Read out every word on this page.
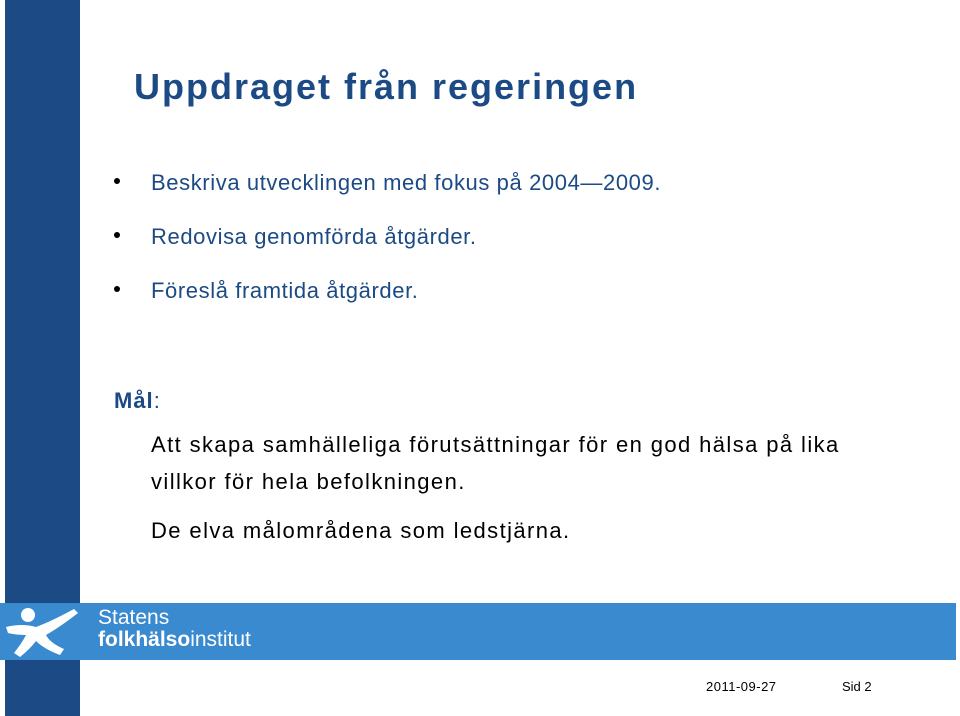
Uppdraget från regeringen
Beskriva utvecklingen med fokus på 2004—2009.
Redovisa genomförda åtgärder.
Föreslå framtida åtgärder.
Mål:
Att skapa samhälleliga förutsättningar för en god hälsa på lika villkor för hela befolkningen.
De elva målområdena som ledstjärna.
Statens
folkhälsoinstitut
2011-09-27	Sid 2
